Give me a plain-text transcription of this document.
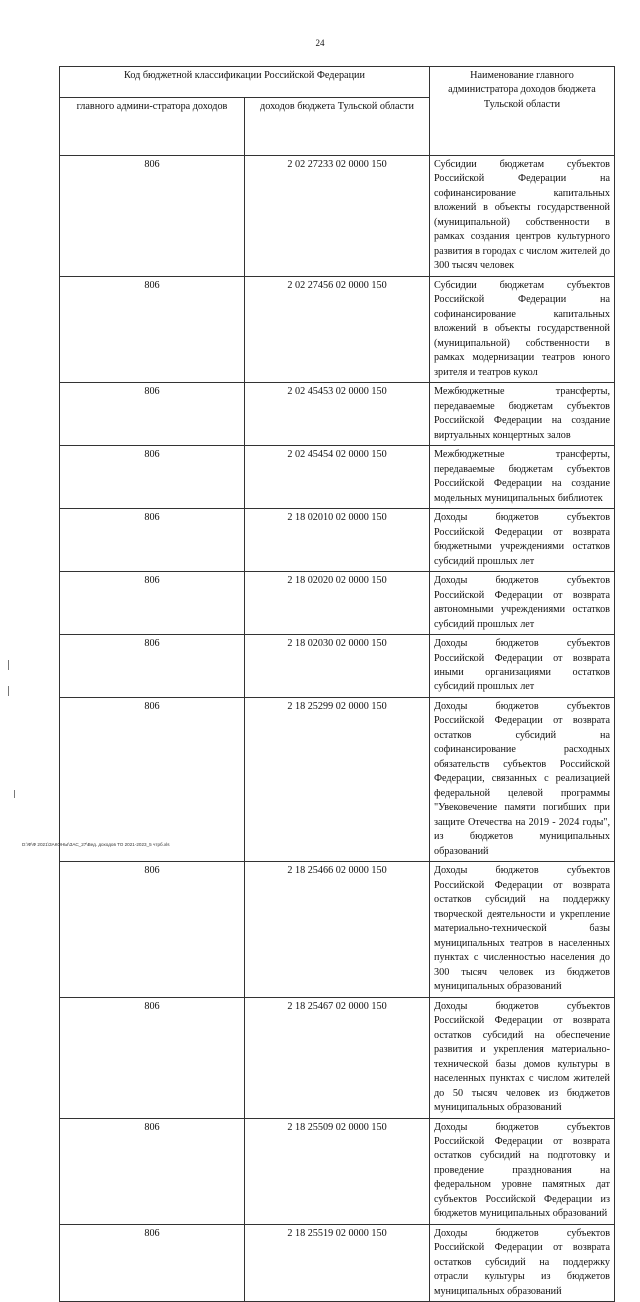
24
Код бюджетной классификации Российской Федерации		Наименование главного администратора доходов бюджета Тульской области
главного админи-стратора доходов	доходов бюджета Тульской области	
806	2 02 27233 02 0000 150	Субсидии бюджетам субъектов Российской Федерации на софинансирование капитальных вложений в объекты государственной (муниципальной) собственности в рамках создания центров культурного развития в городах с числом жителей до 300 тысяч человек
806	2 02 27456 02 0000 150	Субсидии бюджетам субъектов Российской Федерации на софинансирование капитальных вложений в объекты государственной (муниципальной) собственности в рамках модернизации театров юного зрителя и театров кукол
806	2 02 45453 02 0000 150	Межбюджетные трансферты, передаваемые бюджетам субъектов Российской Федерации на создание виртуальных концертных залов
806	2 02 45454 02 0000 150	Межбюджетные трансферты, передаваемые бюджетам субъектов Российской Федерации на создание модельных муниципальных библиотек
806	2 18 02010 02 0000 150	Доходы бюджетов субъектов Российской Федерации от возврата бюджетными учреждениями остатков субсидий прошлых лет
806	2 18 02020 02 0000 150	Доходы бюджетов субъектов Российской Федерации от возврата автономными учреждениями остатков субсидий прошлых лет
806	2 18 02030 02 0000 150	Доходы бюджетов субъектов Российской Федерации от возврата иными организациями остатков субсидий прошлых лет
806	2 18 25299 02 0000 150	Доходы бюджетов субъектов Российской Федерации от возврата остатков субсидий на софинансирование расходных обязательств субъектов Российской Федерации, связанных с реализацией федеральной целевой программы "Увековечение памяти погибших при защите Отечества на 2019 - 2024 годы", из бюджетов муниципальных образований
806	2 18 25466 02 0000 150	Доходы бюджетов субъектов Российской Федерации от возврата остатков субсидий на поддержку творческой деятельности и укрепление материально-технической базы муниципальных театров в населенных пунктах с численностью населения до 300 тысяч человек из бюджетов муниципальных образований
806	2 18 25467 02 0000 150	Доходы бюджетов субъектов Российской Федерации от возврата остатков субсидий на обеспечение развития и укрепления материально-технической базы домов культуры в населенных пунктах с числом жителей до 50 тысяч человек из бюджетов муниципальных образований
806	2 18 25509 02 0000 150	Доходы бюджетов субъектов Российской Федерации от возврата остатков субсидий на подготовку и проведение празднования на федеральном уровне памятных дат субъектов Российской Федерации из бюджетов муниципальных образований
806	2 18 25519 02 0000 150	Доходы бюджетов субъектов Российской Федерации от возврата остатков субсидий на поддержку отрасли культуры из бюджетов муниципальных образований
D:\Ф\Ф 2021\ЗАКОНЫ\ЗАС_27\Вед. доходов ТО 2021-2023_5 чтрб.xls
